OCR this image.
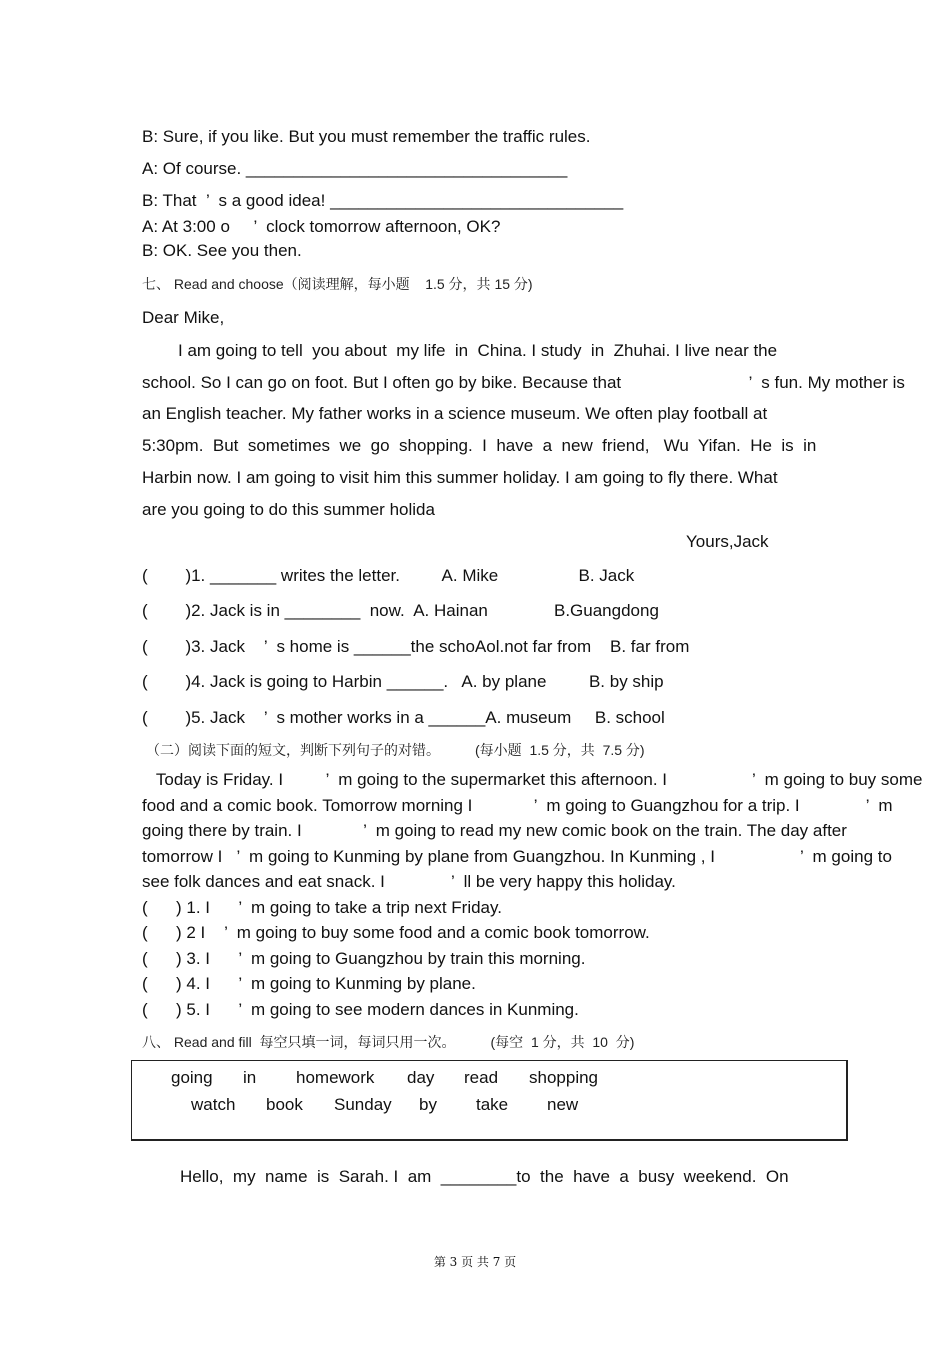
B: Sure, if you like. But you must remember the traffic rules.
A: Of course. __________________________________
B: That  ’  s a good idea! _______________________________
A: At 3:00 o     ’  clock tomorrow afternoon, OK?
B: OK. See you then.
七、 Read and choose（阅读理解，每小题    1.5 分，共 15 分)
Dear Mike,
I am going to tell  you about  my life  in  China. I study  in  Zhuhai. I live near the
school. So I can go on foot. But I often go by bike. Because that                           ’  s fun. My mother is
an English teacher. My father works in a science museum. We often play football at
5:30pm.  But  sometimes  we  go  shopping.  I  have  a  new  friend,   Wu  Yifan.  He  is  in
Harbin now. I am going to visit him this summer holiday. I am going to fly there. What
are you going to do this summer holida
Yours,Jack
(        )1. _______ writes the letter.         A. Mike                 B. Jack
(        )2. Jack is in ________  now.  A. Hainan              B.Guangdong
(        )3. Jack    ’  s home is ______the schoAol.not far from    B. far from
(        )4. Jack is going to Harbin ______.   A. by plane         B. by ship
(        )5. Jack    ’  s mother works in a ______A. museum     B. school
（二）阅读下面的短文，判断下列句子的对错。         (每小题  1.5 分，共  7.5 分)
Today is Friday. I         ’  m going to the supermarket this afternoon. I                  ’  m going to buy some
food and a comic book. Tomorrow morning I             ’  m going to Guangzhou for a trip. I              ’  m
going there by train. I             ’  m going to read my new comic book on the train. The day after
tomorrow I   ’  m going to Kunming by plane from Guangzhou. In Kunming , I                  ’  m going to
see folk dances and eat snack. I              ’  ll be very happy this holiday.
(      ) 1. I      ’  m going to take a trip next Friday.
(      ) 2 I    ’  m going to buy some food and a comic book tomorrow.
(      ) 3. I      ’  m going to Guangzhou by train this morning.
(      ) 4. I      ’  m going to Kunming by plane.
(      ) 5. I      ’  m going to see modern dances in Kunming.
八、 Read and fill  每空只填一词，每词只用一次。         (每空  1 分，共  10  分)
going in homework day read shopping
watch book Sunday by take new
Hello,  my  name  is  Sarah. I  am  ________to  the  have  a  busy  weekend.  On
第 3 页 共 7 页
